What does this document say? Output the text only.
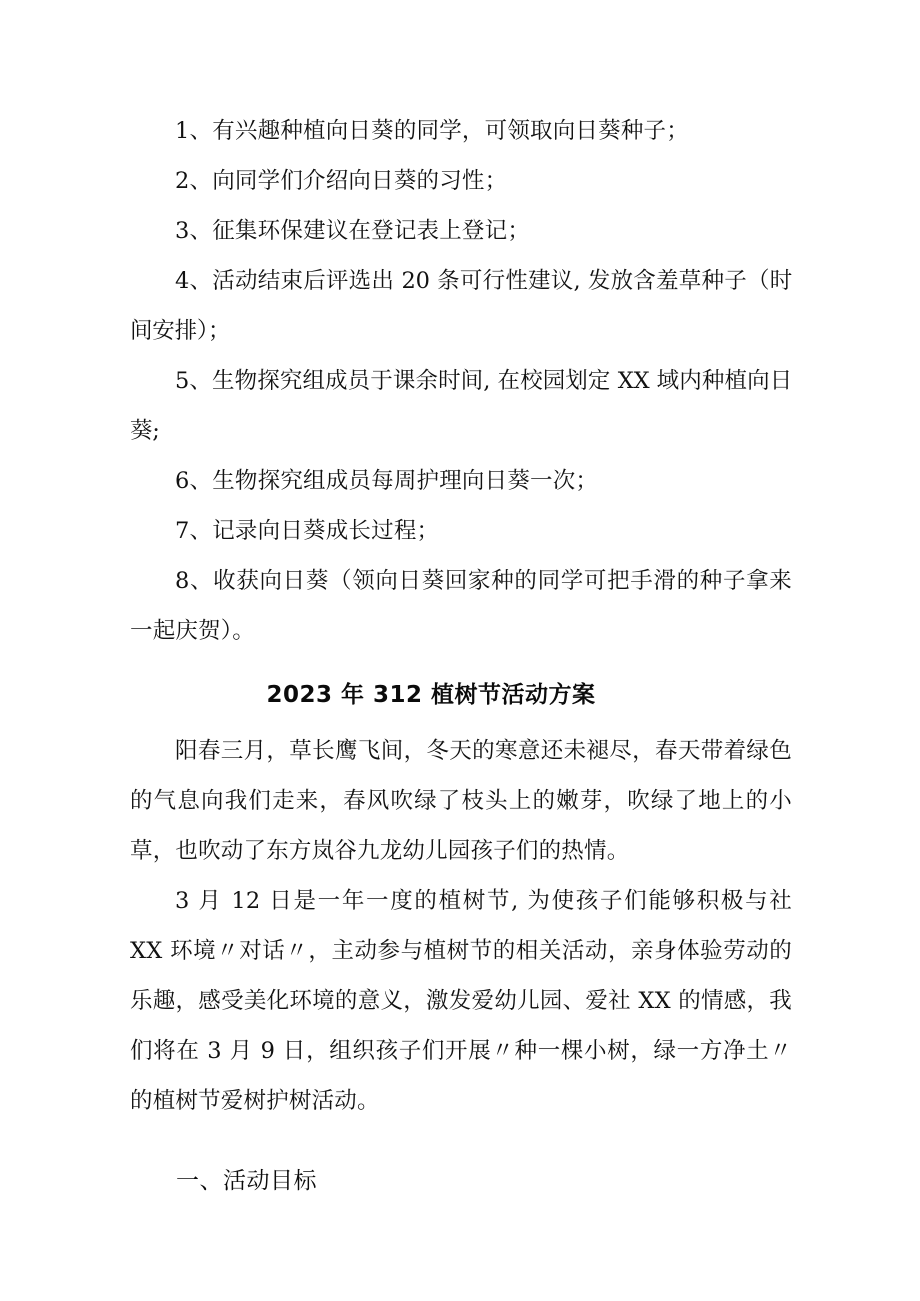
1、有兴趣种植向日葵的同学，可领取向日葵种子；

2、向同学们介绍向日葵的习性；

3、征集环保建议在登记表上登记；

4、活动结束后评选出 20 条可行性建议, 发放含羞草种子（时间安排）；

5、生物探究组成员于课余时间, 在校园划定 XX 域内种植向日葵;

6、生物探究组成员每周护理向日葵一次；

7、记录向日葵成长过程；

8、收获向日葵（领向日葵回家种的同学可把手滑的种子拿来一起庆贺）。

2023 年 312 植树节活动方案

阳春三月，草长鹰飞间，冬天的寒意还未褪尽，春天带着绿色的气息向我们走来，春风吹绿了枝头上的嫩芽，吹绿了地上的小草，也吹动了东方岚谷九龙幼儿园孩子们的热情。

3 月 12 日是一年一度的植树节, 为使孩子们能够积极与社 XX 环境〃对话〃，主动参与植树节的相关活动，亲身体验劳动的乐趣，感受美化环境的意义，激发爱幼儿园、爱社 XX 的情感，我们将在 3 月 9 日，组织孩子们开展〃种一棵小树，绿一方净土〃的植树节爱树护树活动。

一、活动目标
